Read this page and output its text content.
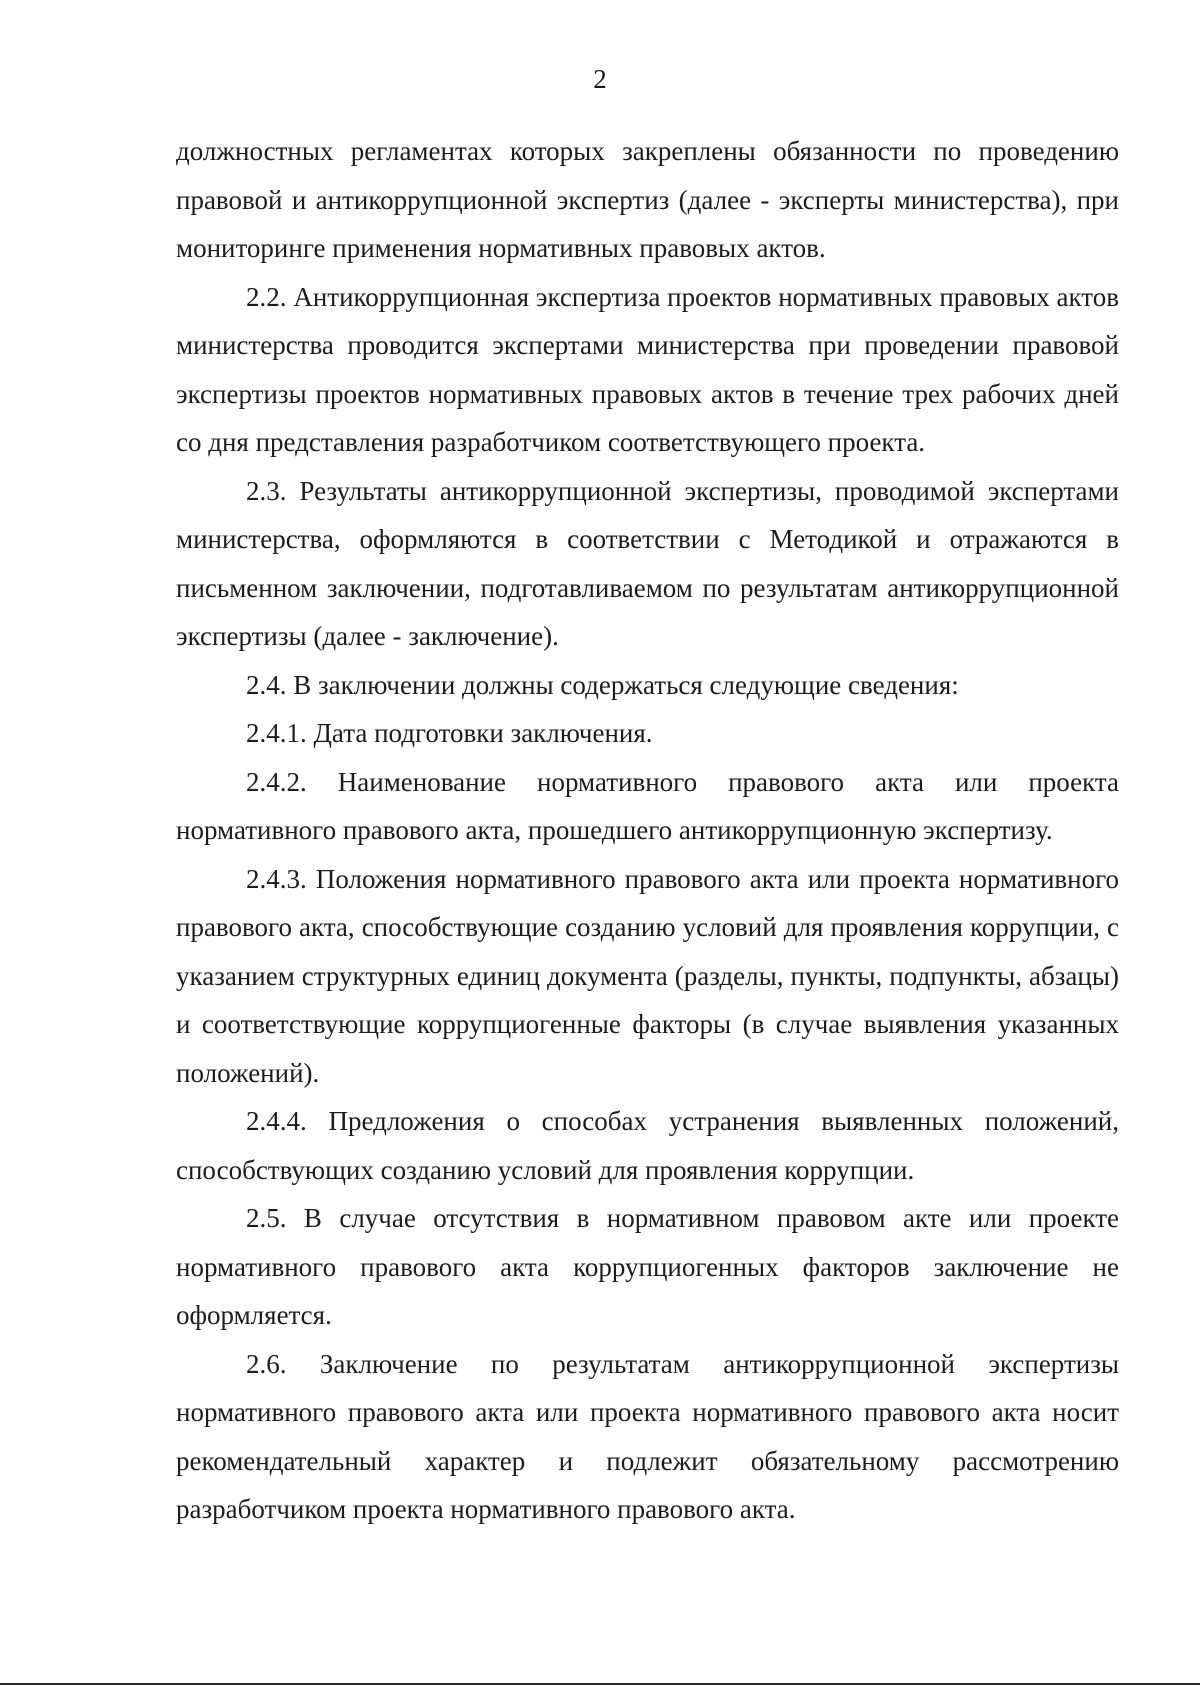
2

должностных регламентах которых закреплены обязанности по проведению правовой и антикоррупционной экспертиз (далее - эксперты министерства), при мониторинге применения нормативных правовых актов.

2.2. Антикоррупционная экспертиза проектов нормативных правовых актов министерства проводится экспертами министерства при проведении правовой экспертизы проектов нормативных правовых актов в течение трех рабочих дней со дня представления разработчиком соответствующего проекта.

2.3. Результаты антикоррупционной экспертизы, проводимой экспертами министерства, оформляются в соответствии с Методикой и отражаются в письменном заключении, подготавливаемом по результатам антикоррупционной экспертизы (далее - заключение).

2.4. В заключении должны содержаться следующие сведения:

2.4.1. Дата подготовки заключения.

2.4.2. Наименование нормативного правового акта или проекта нормативного правового акта, прошедшего антикоррупционную экспертизу.

2.4.3. Положения нормативного правового акта или проекта нормативного правового акта, способствующие созданию условий для проявления коррупции, с указанием структурных единиц документа (разделы, пункты, подпункты, абзацы) и соответствующие коррупциогенные факторы (в случае выявления указанных положений).

2.4.4. Предложения о способах устранения выявленных положений, способствующих созданию условий для проявления коррупции.

2.5. В случае отсутствия в нормативном правовом акте или проекте нормативного правового акта коррупциогенных факторов заключение не оформляется.

2.6. Заключение по результатам антикоррупционной экспертизы нормативного правового акта или проекта нормативного правового акта носит рекомендательный характер и подлежит обязательному рассмотрению разработчиком проекта нормативного правового акта.
